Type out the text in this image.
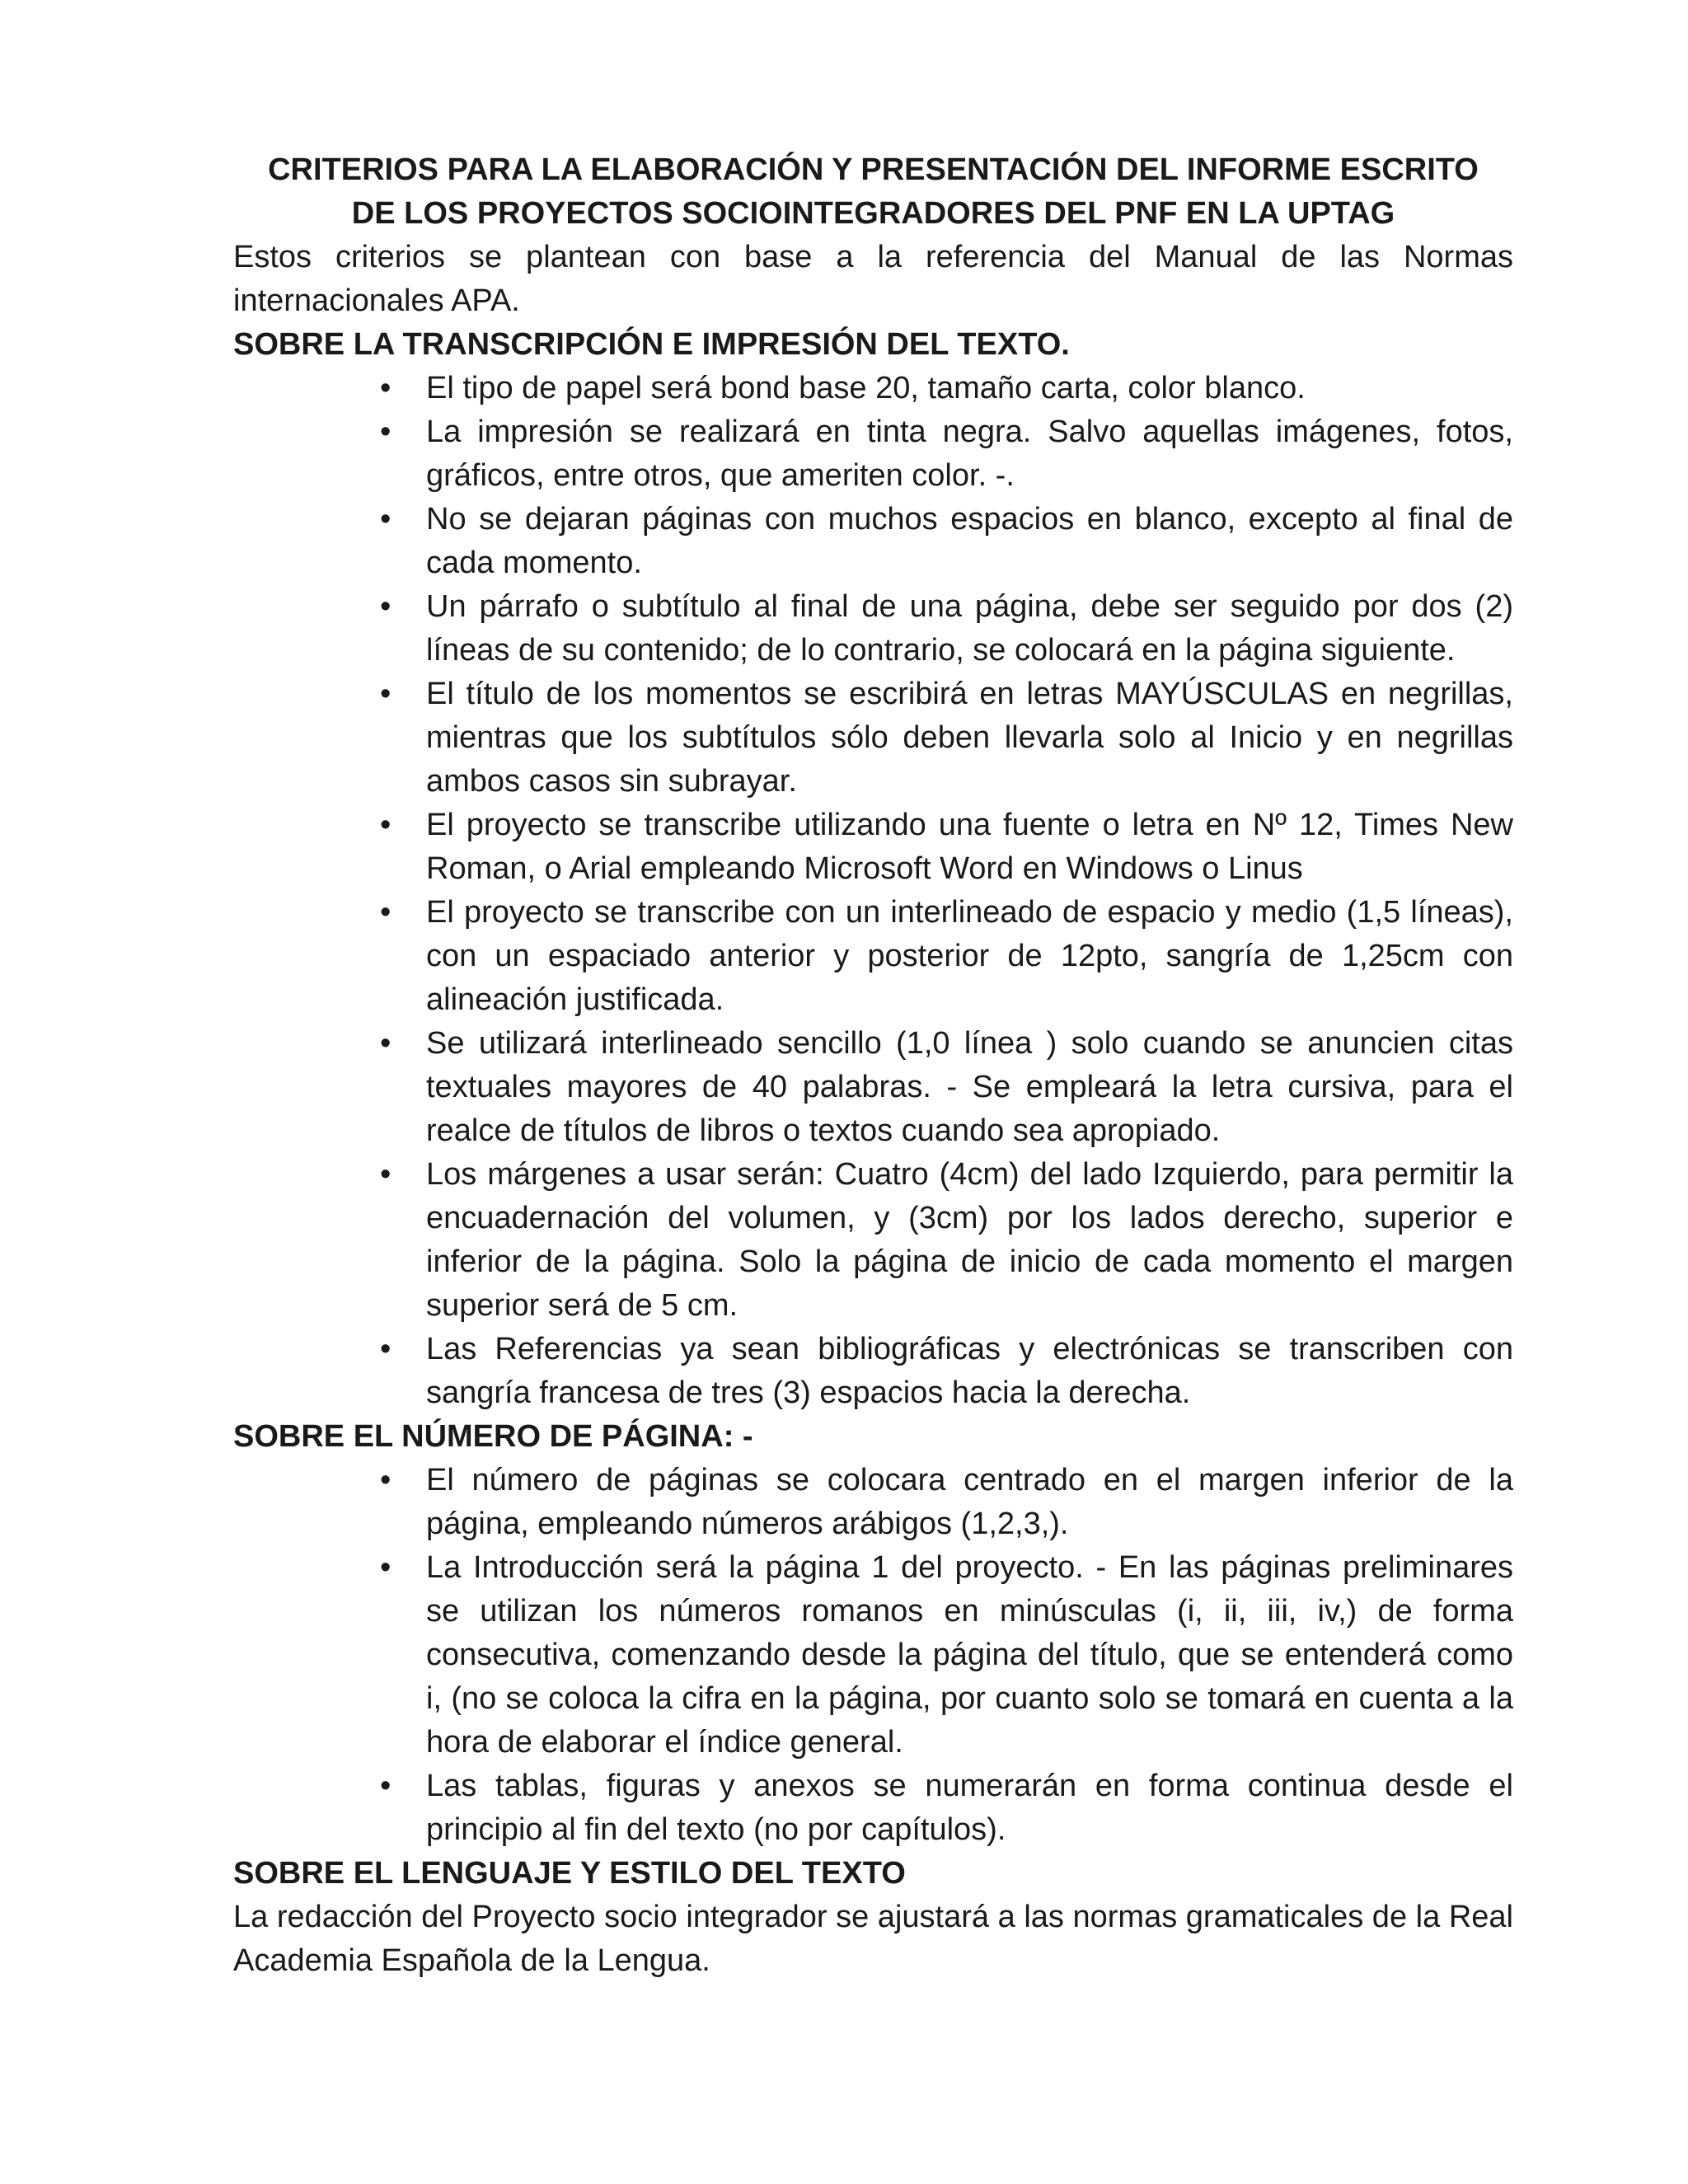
CRITERIOS PARA LA ELABORACIÓN Y PRESENTACIÓN DEL INFORME ESCRITO

DE LOS PROYECTOS SOCIOINTEGRADORES DEL PNF EN LA UPTAG

Estos criterios se plantean con base a la referencia del Manual de las Normas internacionales APA.

SOBRE LA TRANSCRIPCIÓN E IMPRESIÓN DEL TEXTO.

• El tipo de papel será bond base 20, tamaño carta, color blanco.
• La impresión se realizará en tinta negra. Salvo aquellas imágenes, fotos, gráficos, entre otros, que ameriten color. -.
• No se dejaran páginas con muchos espacios en blanco, excepto al final de cada momento.
• Un párrafo o subtítulo al final de una página, debe ser seguido por dos (2) líneas de su contenido; de lo contrario, se colocará en la página siguiente.
• El título de los momentos se escribirá en letras MAYÚSCULAS en negrillas, mientras que los subtítulos sólo deben llevarla solo al Inicio y en negrillas ambos casos sin subrayar.
• El proyecto se transcribe utilizando una fuente o letra en Nº 12, Times New Roman, o Arial empleando Microsoft Word en Windows o Linus
• El proyecto se transcribe con un interlineado de espacio y medio (1,5 líneas), con un espaciado anterior y posterior de 12pto, sangría de 1,25cm con alineación justificada.
• Se utilizará interlineado sencillo (1,0 línea ) solo cuando se anuncien citas textuales mayores de 40 palabras. - Se empleará la letra cursiva, para el realce de títulos de libros o textos cuando sea apropiado.
• Los márgenes a usar serán: Cuatro (4cm) del lado Izquierdo, para permitir la encuadernación del volumen, y (3cm) por los lados derecho, superior e inferior de la página. Solo la página de inicio de cada momento el margen superior será de 5 cm.
• Las Referencias ya sean bibliográficas y electrónicas se transcriben con sangría francesa de tres (3) espacios hacia la derecha.

SOBRE EL NÚMERO DE PÁGINA: -

• El número de páginas se colocara centrado en el margen inferior de la página, empleando números arábigos (1,2,3,).
• La Introducción será la página 1 del proyecto. - En las páginas preliminares se utilizan los números romanos en minúsculas (i, ii, iii, iv,) de forma consecutiva, comenzando desde la página del título, que se entenderá como i, (no se coloca la cifra en la página, por cuanto solo se tomará en cuenta a la hora de elaborar el índice general.
• Las tablas, figuras y anexos se numerarán en forma continua desde el principio al fin del texto (no por capítulos).

SOBRE EL LENGUAJE Y ESTILO DEL TEXTO

La redacción del Proyecto socio integrador se ajustará a las normas gramaticales de la Real Academia Española de la Lengua.
